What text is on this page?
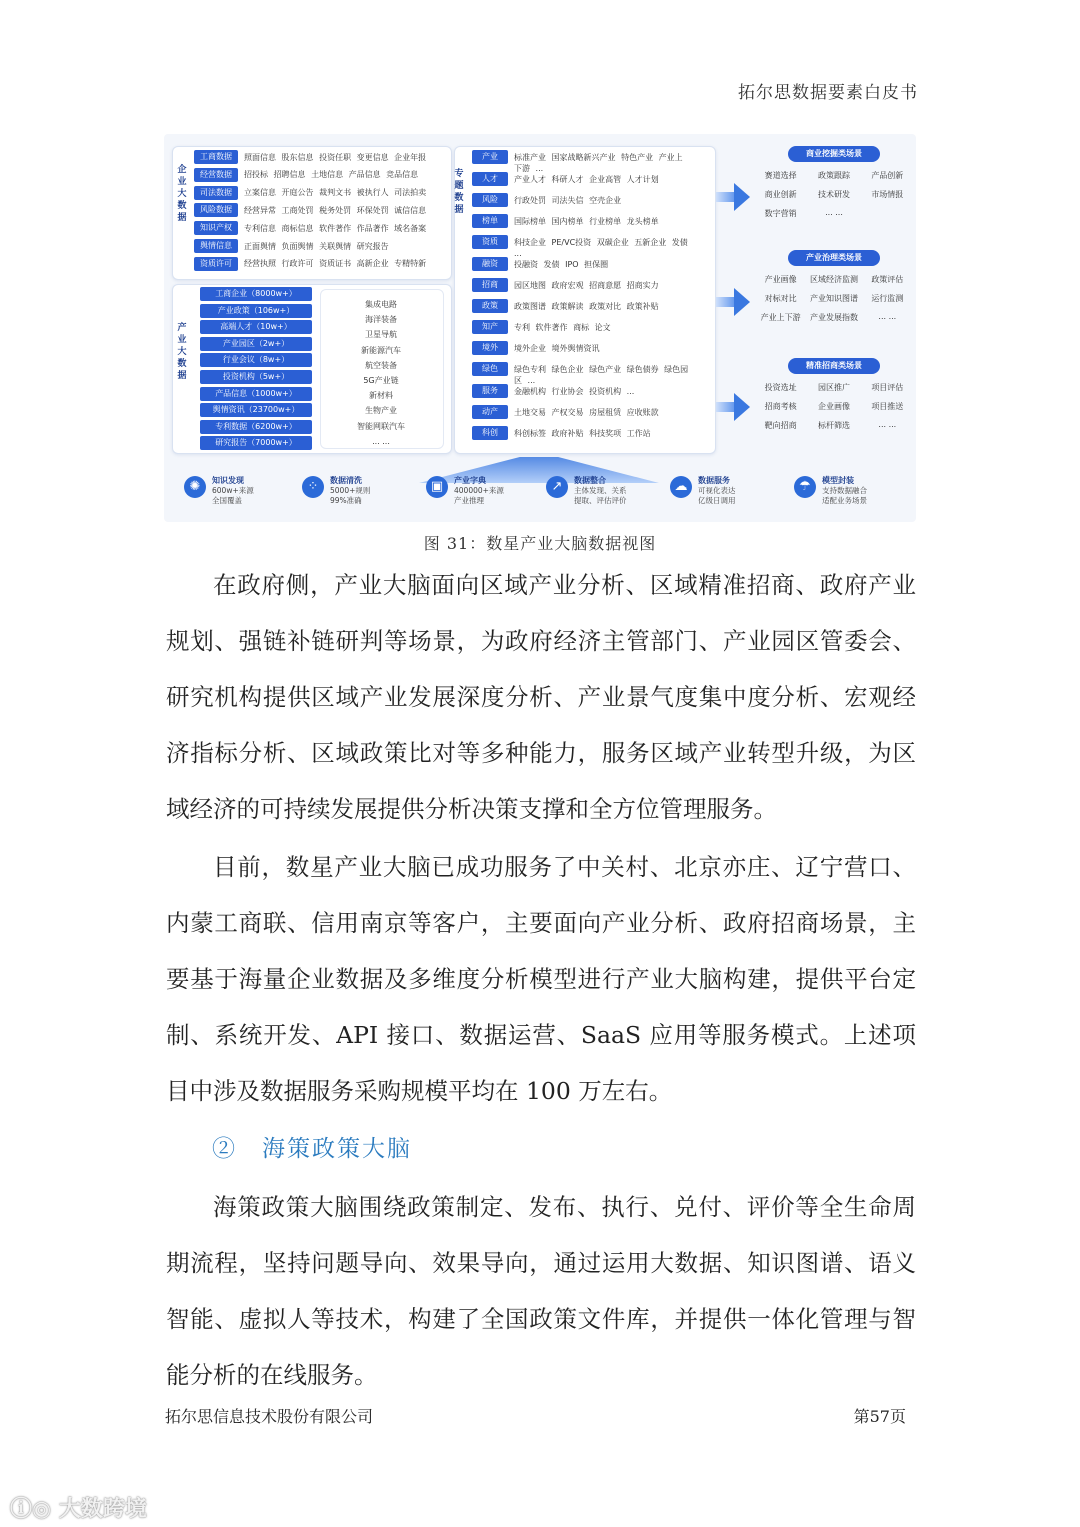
拓尔思数据要素白皮书
企业大数据
工商数据	照面信息 股东信息 投资任职 变更信息 企业年报
经营数据	招投标 招聘信息 土地信息 产品信息 竞品信息
司法数据	立案信息 开庭公告 裁判文书 被执行人 司法拍卖
风险数据	经营异常 工商处罚 税务处罚 环保处罚 诚信信息
知识产权	专利信息 商标信息 软件著作 作品著作 域名备案
舆情信息	正面舆情 负面舆情 关联舆情 研究报告
资质许可	经营执照 行政许可 资质证书 高新企业 专精特新
产业大数据
工商企业（8000w+）
产业政策（106w+）
高端人才（10w+）
产业园区（2w+）
行业会议（8w+）
投资机构（5w+）
产品信息（1000w+）
舆情资讯（23700w+）
专利数据（6200w+）
研究报告（7000w+）
集成电路
海洋装备
卫星导航
新能源汽车
航空装备
5G产业链
新材料
生物产业
智能网联汽车
... ...
专题数据
产业	标准产业 国家战略新兴产业 特色产业 产业上
下游 ...
人才	产业人才 科研人才 企业高管 人才计划
风险	行政处罚 司法失信 空壳企业
榜单	国际榜单 国内榜单 行业榜单 龙头榜单
资质	科技企业 PE/VC投资 双碳企业 五新企业 发债
...
融资	投融资 发债 IPO 担保圈
招商	园区地图 政府宏观 招商意愿 招商实力
政策	政策图谱 政策解读 政策对比 政策补贴
知产	专利 软件著作 商标 论文
境外	境外企业 境外舆情资讯
绿色	绿色专利 绿色企业 绿色产业 绿色债券 绿色园
区 ...
服务	金融机构 行业协会 投资机构 ...
动产	土地交易 产权交易 房屋租赁 应收账款
科创	科创标签 政府补贴 科技奖项 工作站
商业挖掘类场景
赛道选择	政策跟踪	产品创新
商业创新	技术研发	市场情报
数字营销	... ...
产业治理类场景
产业画像	区域经济监测	政策评估
对标对比	产业知识图谱	运行监测
产业上下游	产业发展指数	... ...
精准招商类场景
投资选址	园区推广	项目评估
招商考核	企业画像	项目推送
靶向招商	标杆筛选	... ...
✺	知识发现
600w+来源
全国覆盖
⁘	数据清洗
5000+规则
99%准确
▣	产业字典
400000+来源
产业推理
↗	数据整合
主体发现、关系
提取、评估评价
☁	数据服务
可视化表达
亿级日调用
☂	模型封装
支持数据融合
适配业务场景
图 31：数星产业大脑数据视图
在政府侧，产业大脑面向区域产业分析、区域精准招商、政府产业规划、强链补链研判等场景，为政府经济主管部门、产业园区管委会、研究机构提供区域产业发展深度分析、产业景气度集中度分析、宏观经济指标分析、区域政策比对等多种能力，服务区域产业转型升级，为区域经济的可持续发展提供分析决策支撑和全方位管理服务。
目前，数星产业大脑已成功服务了中关村、北京亦庄、辽宁营口、内蒙工商联、信用南京等客户，主要面向产业分析、政府招商场景，主要基于海量企业数据及多维度分析模型进行产业大脑构建，提供平台定制、系统开发、API 接口、数据运营、SaaS 应用等服务模式。上述项目中涉及数据服务采购规模平均在 100 万左右。
②　海策政策大脑
海策政策大脑围绕政策制定、发布、执行、兑付、评价等全生命周期流程，坚持问题导向、效果导向，通过运用大数据、知识图谱、语义智能、虚拟人等技术，构建了全国政策文件库，并提供一体化管理与智能分析的在线服务。
拓尔思信息技术股份有限公司	第57页
ⓘ◎ 大数跨境
